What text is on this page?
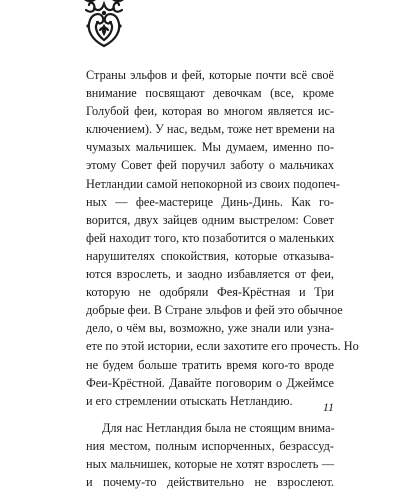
Страны эльфов и фей, которые почти всё своё
внимание посвящают девочкам (все, кроме
Голубой феи, которая во многом является ис-
ключением). У нас, ведьм, тоже нет времени на
чумазых мальчишек. Мы думаем, именно по-
этому Совет фей поручил заботу о мальчиках
Нетландии самой непокорной из своих подопеч-
ных — фее-мастерице Динь-Динь. Как го-
ворится, двух зайцев одним выстрелом: Совет
фей находит того, кто позаботится о маленьких
нарушителях спокойствия, которые отказыва-
ются взрослеть, и заодно избавляется от феи,
которую не одобряли Фея-Крёстная и Три
добрые феи. В Стране эльфов и фей это обычное
дело, о чём вы, возможно, уже знали или узна-
ете по этой истории, если захотите его прочесть. Но
не будем больше тратить время кого-то вроде
Феи-Крёстной. Давайте поговорим о Джеймсе
и его стремлении отыскать Нетландию.
Для нас Нетландия была не стоящим внима-
ния местом, полным испорченных, безрассуд-
ных мальчишек, которые не хотят взрослеть —
и почему-то действительно не взрослеют.
11
